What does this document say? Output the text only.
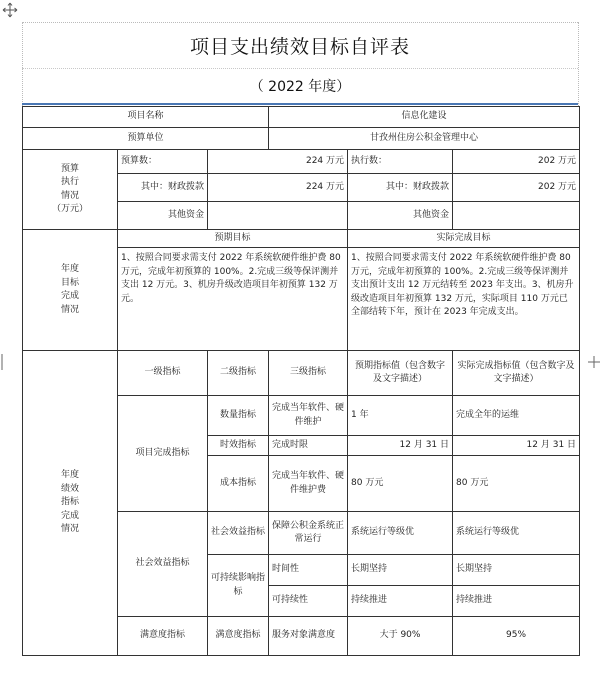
项目支出绩效目标自评表
（ 2022 年度）
项目名称			信息化建设		
预算单位			甘孜州住房公积金管理中心		
预算
执行
情况
（万元）	预算数：	224 万元		执行数：	202 万元
	其中：财政拨款	224 万元		其中：财政拨款	202 万元
	其他资金			其他资金	
年度
目标
完成
情况	预期目标			实际完成目标	
	1、按照合同要求需支付 2022 年系统软硬件维护费 80 万元，完成年初预算的 100%。2.完成三级等保评测并支出 12 万元。3、机房升级改造项目年初预算 132 万元。			1、按照合同要求需支付 2022 年系统软硬件维护费 80 万元，完成年初预算的 100%。2.完成三级等保评测并支出预计支出 12 万元结转至 2023 年支出。3、机房升级改造项目年初预算 132 万元，实际项目 110 万元已全部结转下年，预计在 2023 年完成支出。	
年度
绩效
指标
完成
情况	一级指标	二级指标	三级指标	预期指标值（包含数字及文字描述）	实际完成指标值（包含数字及文字描述）
	项目完成指标	数量指标	完成当年软件、硬件维护	1 年	完成全年的运维
		时效指标	完成时限	12 月 31 日	12 月 31 日
		成本指标	完成当年软件、硬件维护费	80 万元	80 万元

	社会效益指标	社会效益指标	保障公积金系统正常运行	系统运行等级优	系统运行等级优
		可持续影响指标	时间性	长期坚持	长期坚持
			可持续性	持续推进	持续推进
	满意度指标	满意度指标	服务对象满意度	大于 90%	95%
